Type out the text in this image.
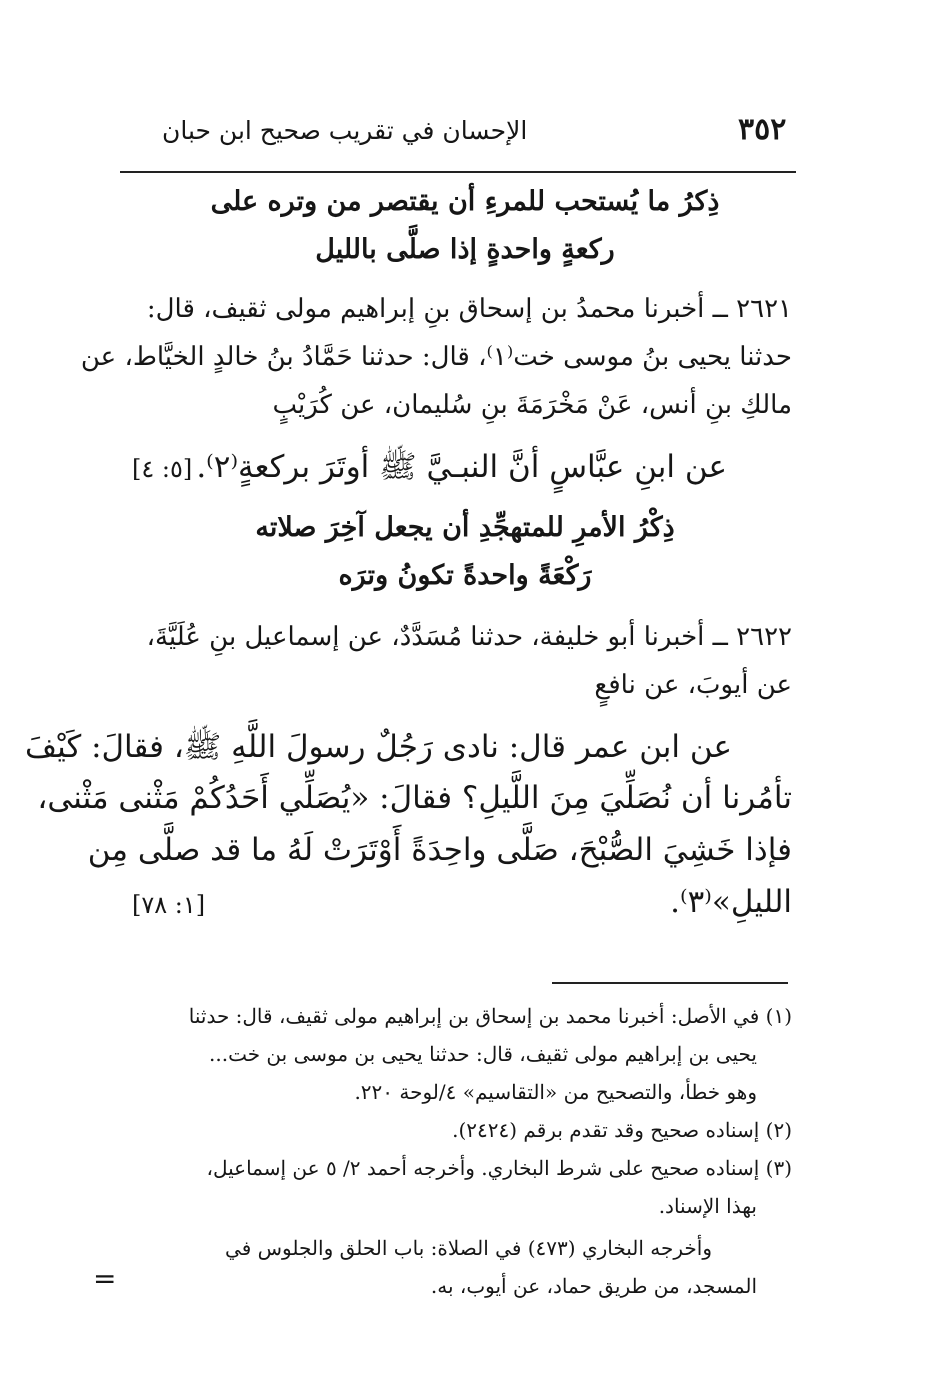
٣٥٢
الإحسان في تقريب صحيح ابن حبان
ذِكرُ ما يُستحب للمرءِ أن يقتصر من وتره على
ركعةٍ واحدةٍ إذا صلَّى بالليل
٢٦٢١ ــ أخبرنا محمدُ بن إسحاق بنِ إبراهيم مولى ثقيف، قال:
حدثنا يحيى بنُ موسى خت⁽١⁾، قال: حدثنا حَمَّادُ بنُ خالدٍ الخيَّاط، عن
مالكِ بنِ أنس، عَنْ مَخْرَمَةَ بنِ سُليمان، عن كُرَيْبٍ
عن ابنِ عبَّاسٍ أنَّ النبـيَّ ﷺ أوتَرَ بركعةٍ⁽٢⁾.
[٥: ٤]
ذِكْرُ الأمرِ للمتهجِّدِ أن يجعل آخِرَ صلاته
رَكْعَةً واحدةً تكونُ وترَه
٢٦٢٢ ــ أخبرنا أبو خليفة، حدثنا مُسَدَّدٌ، عن إسماعيل بنِ عُلَيَّةَ،
عن أيوبَ، عن نافعٍ
عن ابن عمر قال: نادى رَجُلٌ رسولَ اللَّهِ ﷺ، فقالَ: كَيْفَ
تأمُرنا أن نُصَلِّيَ مِنَ اللَّيلِ؟ فقالَ: «يُصَلِّي أَحَدُكُمْ مَثْنى مَثْنى،
فإذا خَشِيَ الصُّبْحَ، صَلَّى واحِدَةً أَوْتَرَتْ لَهُ ما قد صلَّى مِن
الليلِ»⁽٣⁾.
[١: ٧٨]
(١) في الأصل: أخبرنا محمد بن إسحاق بن إبراهيم مولى ثقيف، قال: حدثنا
يحيى بن إبراهيم مولى ثقيف، قال: حدثنا يحيى بن موسى بن خت...
وهو خطأ، والتصحيح من «التقاسيم» ٤/لوحة ٢٢٠.
(٢) إسناده صحيح وقد تقدم برقم (٢٤٢٤).
(٣) إسناده صحيح على شرط البخاري. وأخرجه أحمد ٢/ ٥ عن إسماعيل،
بهذا الإسناد.
وأخرجه البخاري (٤٧٣) في الصلاة: باب الحلق والجلوس في
المسجد، من طريق حماد، عن أيوب، به.
=
